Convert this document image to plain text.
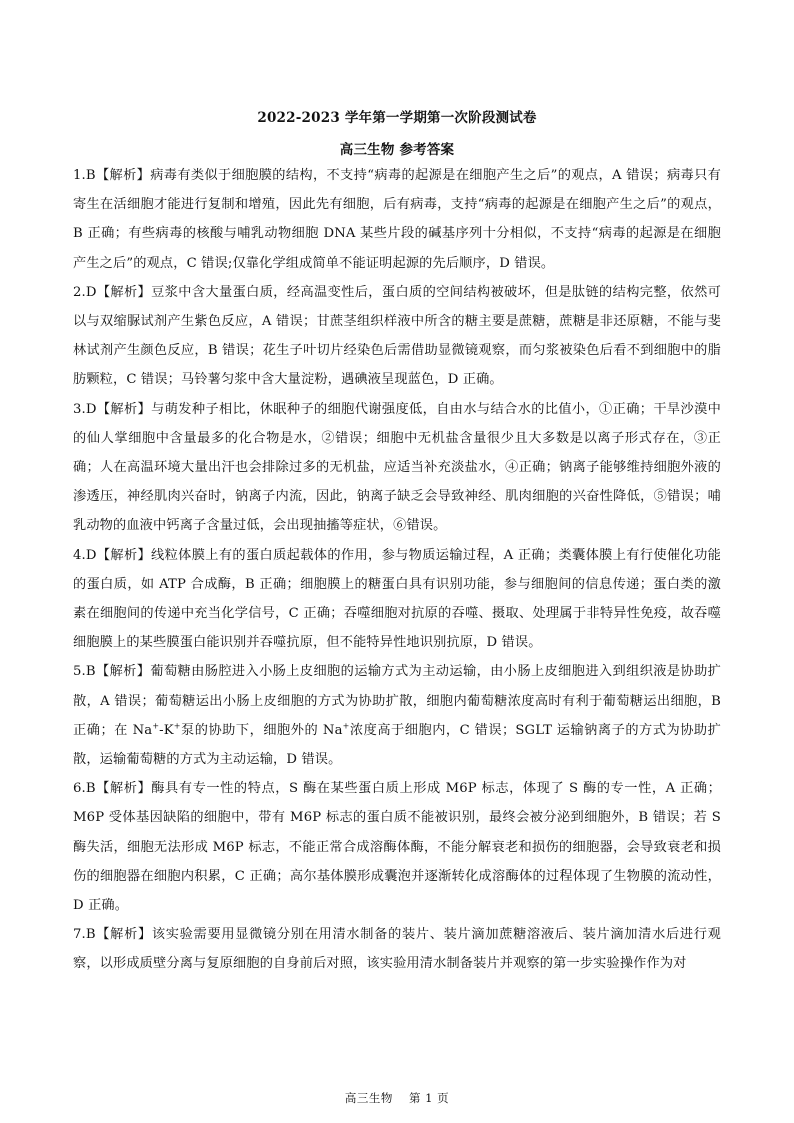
2022-2023 学年第一学期第一次阶段测试卷
高三生物 参考答案

1.B【解析】病毒有类似于细胞膜的结构，不支持“病毒的起源是在细胞产生之后”的观点，A 错误；病毒只有寄生在活细胞才能进行复制和增殖，因此先有细胞，后有病毒，支持“病毒的起源是在细胞产生之后”的观点，B 正确；有些病毒的核酸与哺乳动物细胞 DNA 某些片段的碱基序列十分相似，不支持“病毒的起源是在细胞产生之后”的观点，C 错误;仅靠化学组成简单不能证明起源的先后顺序，D 错误。

2.D【解析】豆浆中含大量蛋白质，经高温变性后，蛋白质的空间结构被破坏，但是肽链的结构完整，依然可以与双缩脲试剂产生紫色反应，A 错误；甘蔗茎组织样液中所含的糖主要是蔗糖，蔗糖是非还原糖，不能与斐林试剂产生颜色反应，B 错误；花生子叶切片经染色后需借助显微镜观察，而匀浆被染色后看不到细胞中的脂肪颗粒，C 错误；马铃薯匀浆中含大量淀粉，遇碘液呈现蓝色，D 正确。

3.D【解析】与萌发种子相比，休眠种子的细胞代谢强度低，自由水与结合水的比值小，①正确；干旱沙漠中的仙人掌细胞中含量最多的化合物是水，②错误；细胞中无机盐含量很少且大多数是以离子形式存在，③正确；人在高温环境大量出汗也会排除过多的无机盐，应适当补充淡盐水，④正确；钠离子能够维持细胞外液的渗透压，神经肌肉兴奋时，钠离子内流，因此，钠离子缺乏会导致神经、肌肉细胞的兴奋性降低，⑤错误；哺乳动物的血液中钙离子含量过低，会出现抽搐等症状，⑥错误。

4.D【解析】线粒体膜上有的蛋白质起载体的作用，参与物质运输过程，A 正确；类囊体膜上有行使催化功能的蛋白质，如 ATP 合成酶，B 正确；细胞膜上的糖蛋白具有识别功能，参与细胞间的信息传递；蛋白类的激素在细胞间的传递中充当化学信号，C 正确；吞噬细胞对抗原的吞噬、摄取、处理属于非特异性免疫，故吞噬细胞膜上的某些膜蛋白能识别并吞噬抗原，但不能特异性地识别抗原，D 错误。

5.B【解析】葡萄糖由肠腔进入小肠上皮细胞的运输方式为主动运输，由小肠上皮细胞进入到组织液是协助扩散，A 错误；葡萄糖运出小肠上皮细胞的方式为协助扩散，细胞内葡萄糖浓度高时有利于葡萄糖运出细胞，B 正确；在 Na+-K+泵的协助下，细胞外的 Na+浓度高于细胞内，C 错误；SGLT 运输钠离子的方式为协助扩散，运输葡萄糖的方式为主动运输，D 错误。

6.B【解析】酶具有专一性的特点，S 酶在某些蛋白质上形成 M6P 标志，体现了 S 酶的专一性，A 正确；M6P 受体基因缺陷的细胞中，带有 M6P 标志的蛋白质不能被识别，最终会被分泌到细胞外，B 错误；若 S 酶失活，细胞无法形成 M6P 标志，不能正常合成溶酶体酶，不能分解衰老和损伤的细胞器，会导致衰老和损伤的细胞器在细胞内积累，C 正确；高尔基体膜形成囊泡并逐渐转化成溶酶体的过程体现了生物膜的流动性，D 正确。

7.B【解析】该实验需要用显微镜分别在用清水制备的装片、装片滴加蔗糖溶液后、装片滴加清水后进行观察，以形成质壁分离与复原细胞的自身前后对照，该实验用清水制备装片并观察的第一步实验操作作为对

高三生物 第 1 页
